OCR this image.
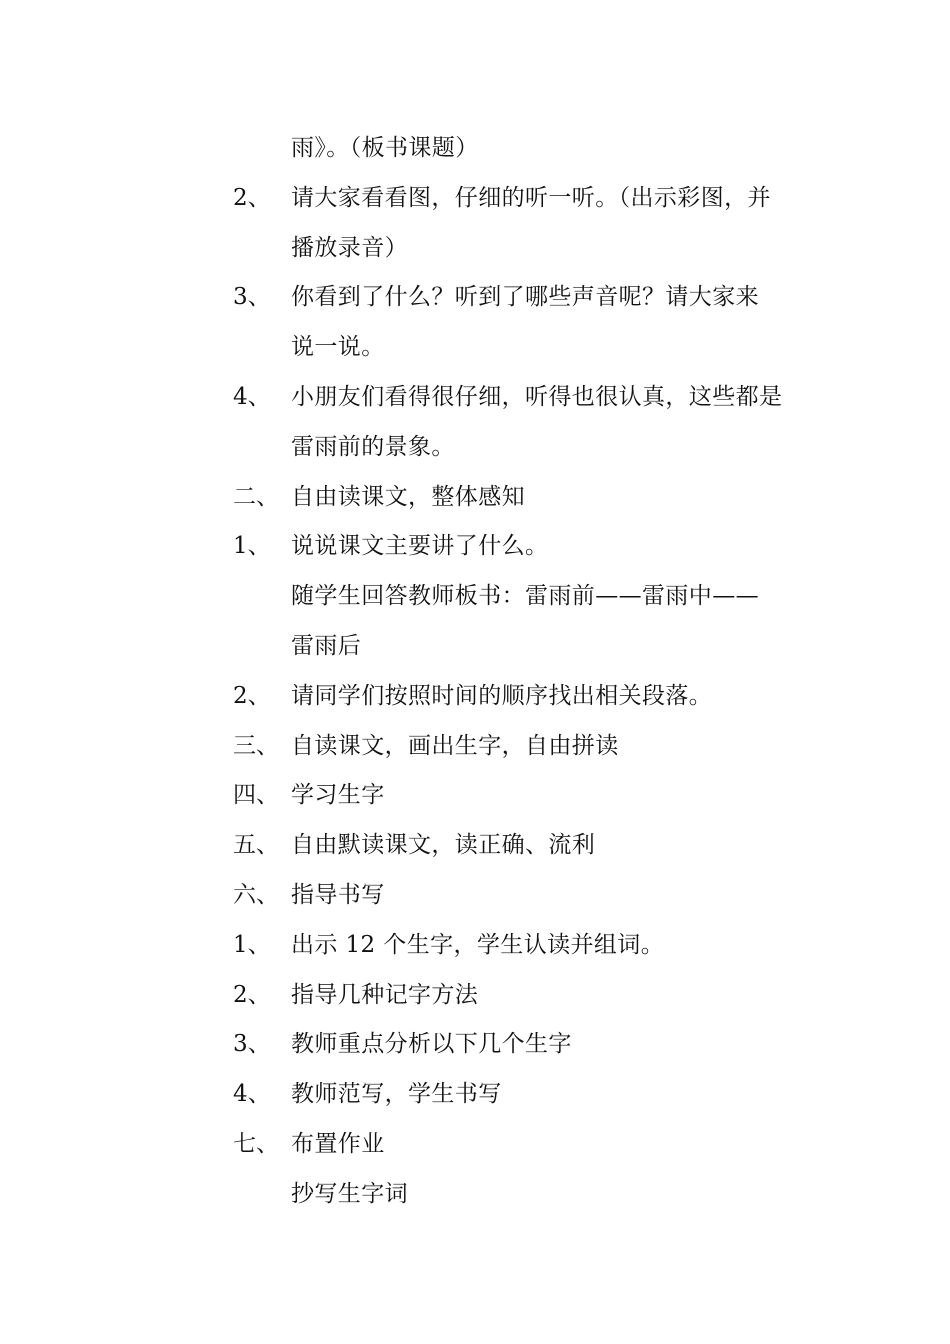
雨》。（板书课题）
2、 请大家看看图，仔细的听一听。（出示彩图，并
播放录音）
3、 你看到了什么？听到了哪些声音呢？请大家来
说一说。
4、 小朋友们看得很仔细，听得也很认真，这些都是
雷雨前的景象。
二、 自由读课文，整体感知
1、 说说课文主要讲了什么。
随学生回答教师板书：雷雨前——雷雨中——
雷雨后
2、 请同学们按照时间的顺序找出相关段落。
三、 自读课文，画出生字，自由拼读
四、 学习生字
五、 自由默读课文，读正确、流利
六、 指导书写
1、 出示 12 个生字，学生认读并组词。
2、 指导几种记字方法
3、 教师重点分析以下几个生字
4、 教师范写，学生书写
七、 布置作业
抄写生字词
